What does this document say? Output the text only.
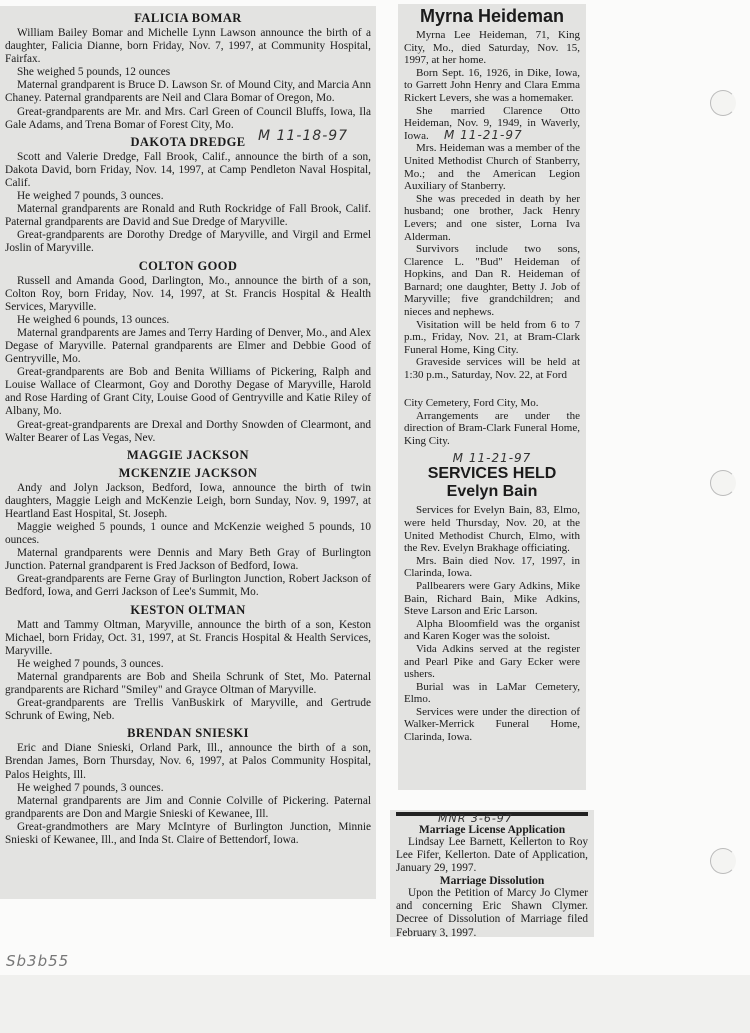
FALICIA BOMAR

William Bailey Bomar and Michelle Lynn Lawson announce the birth of a daughter, Falicia Dianne, born Friday, Nov. 7, 1997, at Community Hospital, Fairfax.

She weighed 5 pounds, 12 ounces

Maternal grandparent is Bruce D. Lawson Sr. of Mound City, and Marcia Ann Chaney. Paternal grandparents are Neil and Clara Bomar of Oregon, Mo.

Great-grandparents are Mr. and Mrs. Carl Green of Council Bluffs, Iowa, Ila Gale Adams, and Trena Bomar of Forest City, Mo.

DAKOTA DREDGE

Scott and Valerie Dredge, Fall Brook, Calif., announce the birth of a son, Dakota David, born Friday, Nov. 14, 1997, at Camp Pendleton Naval Hospital, Calif.

He weighed 7 pounds, 3 ounces.

Maternal grandparents are Ronald and Ruth Rockridge of Fall Brook, Calif. Paternal grandparents are David and Sue Dredge of Maryville.

Great-grandparents are Dorothy Dredge of Maryville, and Virgil and Ermel Joslin of Maryville.

COLTON GOOD

Russell and Amanda Good, Darlington, Mo., announce the birth of a son, Colton Roy, born Friday, Nov. 14, 1997, at St. Francis Hospital & Health Services, Maryville.

He weighed 6 pounds, 13 ounces.

Maternal grandparents are James and Terry Harding of Denver, Mo., and Alex Degase of Maryville. Paternal grandparents are Elmer and Debbie Good of Gentryville, Mo.

Great-grandparents are Bob and Benita Williams of Pickering, Ralph and Louise Wallace of Clearmont, Goy and Dorothy Degase of Maryville, Harold and Rose Harding of Grant City, Louise Good of Gentryville and Katie Riley of Albany, Mo.

Great-great-grandparents are Drexal and Dorthy Snowden of Clearmont, and Walter Bearer of Las Vegas, Nev.

MAGGIE JACKSON
MCKENZIE JACKSON

Andy and Jolyn Jackson, Bedford, Iowa, announce the birth of twin daughters, Maggie Leigh and McKenzie Leigh, born Sunday, Nov. 9, 1997, at Heartland East Hospital, St. Joseph.

Maggie weighed 5 pounds, 1 ounce and McKenzie weighed 5 pounds, 10 ounces.

Maternal grandparents were Dennis and Mary Beth Gray of Burlington Junction. Paternal grandparent is Fred Jackson of Bedford, Iowa.

Great-grandparents are Ferne Gray of Burlington Junction, Robert Jackson of Bedford, Iowa, and Gerri Jackson of Lee's Summit, Mo.

KESTON OLTMAN

Matt and Tammy Oltman, Maryville, announce the birth of a son, Keston Michael, born Friday, Oct. 31, 1997, at St. Francis Hospital & Health Services, Maryville.

He weighed 7 pounds, 3 ounces.

Maternal grandparents are Bob and Sheila Schrunk of Stet, Mo. Paternal grandparents are Richard "Smiley" and Grayce Oltman of Maryville.

Great-grandparents are Trellis VanBuskirk of Maryville, and Gertrude Schrunk of Ewing, Neb.

BRENDAN SNIESKI

Eric and Diane Snieski, Orland Park, Ill., announce the birth of a son, Brendan James, Born Thursday, Nov. 6, 1997, at Palos Community Hospital, Palos Heights, Ill.

He weighed 7 pounds, 3 ounces.

Maternal grandparents are Jim and Connie Colville of Pickering. Paternal grandparents are Don and Margie Snieski of Kewanee, Ill.

Great-grandmothers are Mary McIntyre of Burlington Junction, Minnie Snieski of Kewanee, Ill., and Inda St. Claire of Bettendorf, Iowa.

M 11-18-97
Myrna Heideman

Myrna Lee Heideman, 71, King City, Mo., died Saturday, Nov. 15, 1997, at her home.

Born Sept. 16, 1926, in Dike, Iowa, to Garrett John Henry and Clara Emma Rickert Levers, she was a homemaker.

She married Clarence Otto Heideman, Nov. 9, 1949, in Waverly, Iowa.

Mrs. Heideman was a member of the United Methodist Church of Stanberry, Mo.; and the American Legion Auxiliary of Stanberry.

She was preceded in death by her husband; one brother, Jack Henry Levers; and one sister, Lorna Iva Alderman.

Survivors include two sons, Clarence L. "Bud" Heideman of Hopkins, and Dan R. Heideman of Barnard; one daughter, Betty J. Job of Maryville; five grandchildren; and nieces and nephews.

Visitation will be held from 6 to 7 p.m., Friday, Nov. 21, at Bram-Clark Funeral Home, King City.

Graveside services will be held at 1:30 p.m., Saturday, Nov. 22, at Ford

M 11-21-97

City Cemetery, Ford City, Mo.

Arrangements are under the direction of Bram-Clark Funeral Home, King City.

M 11-21-97
SERVICES HELD
Evelyn Bain

Services for Evelyn Bain, 83, Elmo, were held Thursday, Nov. 20, at the United Methodist Church, Elmo, with the Rev. Evelyn Brakhage officiating.

Mrs. Bain died Nov. 17, 1997, in Clarinda, Iowa.

Pallbearers were Gary Adkins, Mike Bain, Richard Bain, Mike Adkins, Steve Larson and Eric Larson.

Alpha Bloomfield was the organist and Karen Koger was the soloist.

Vida Adkins served at the register and Pearl Pike and Gary Ecker were ushers.

Burial was in LaMar Cemetery, Elmo.

Services were under the direction of Walker-Merrick Funeral Home, Clarinda, Iowa.

MNR 3-6-97
Marriage License Application

Lindsay Lee Barnett, Kellerton to Roy Lee Fifer, Kellerton. Date of Application, January 29, 1997.

Marriage Dissolution

Upon the Petition of Marcy Jo Clymer and concerning Eric Shawn Clymer. Decree of Dissolution of Marriage filed February 3, 1997.

Sb3b55
